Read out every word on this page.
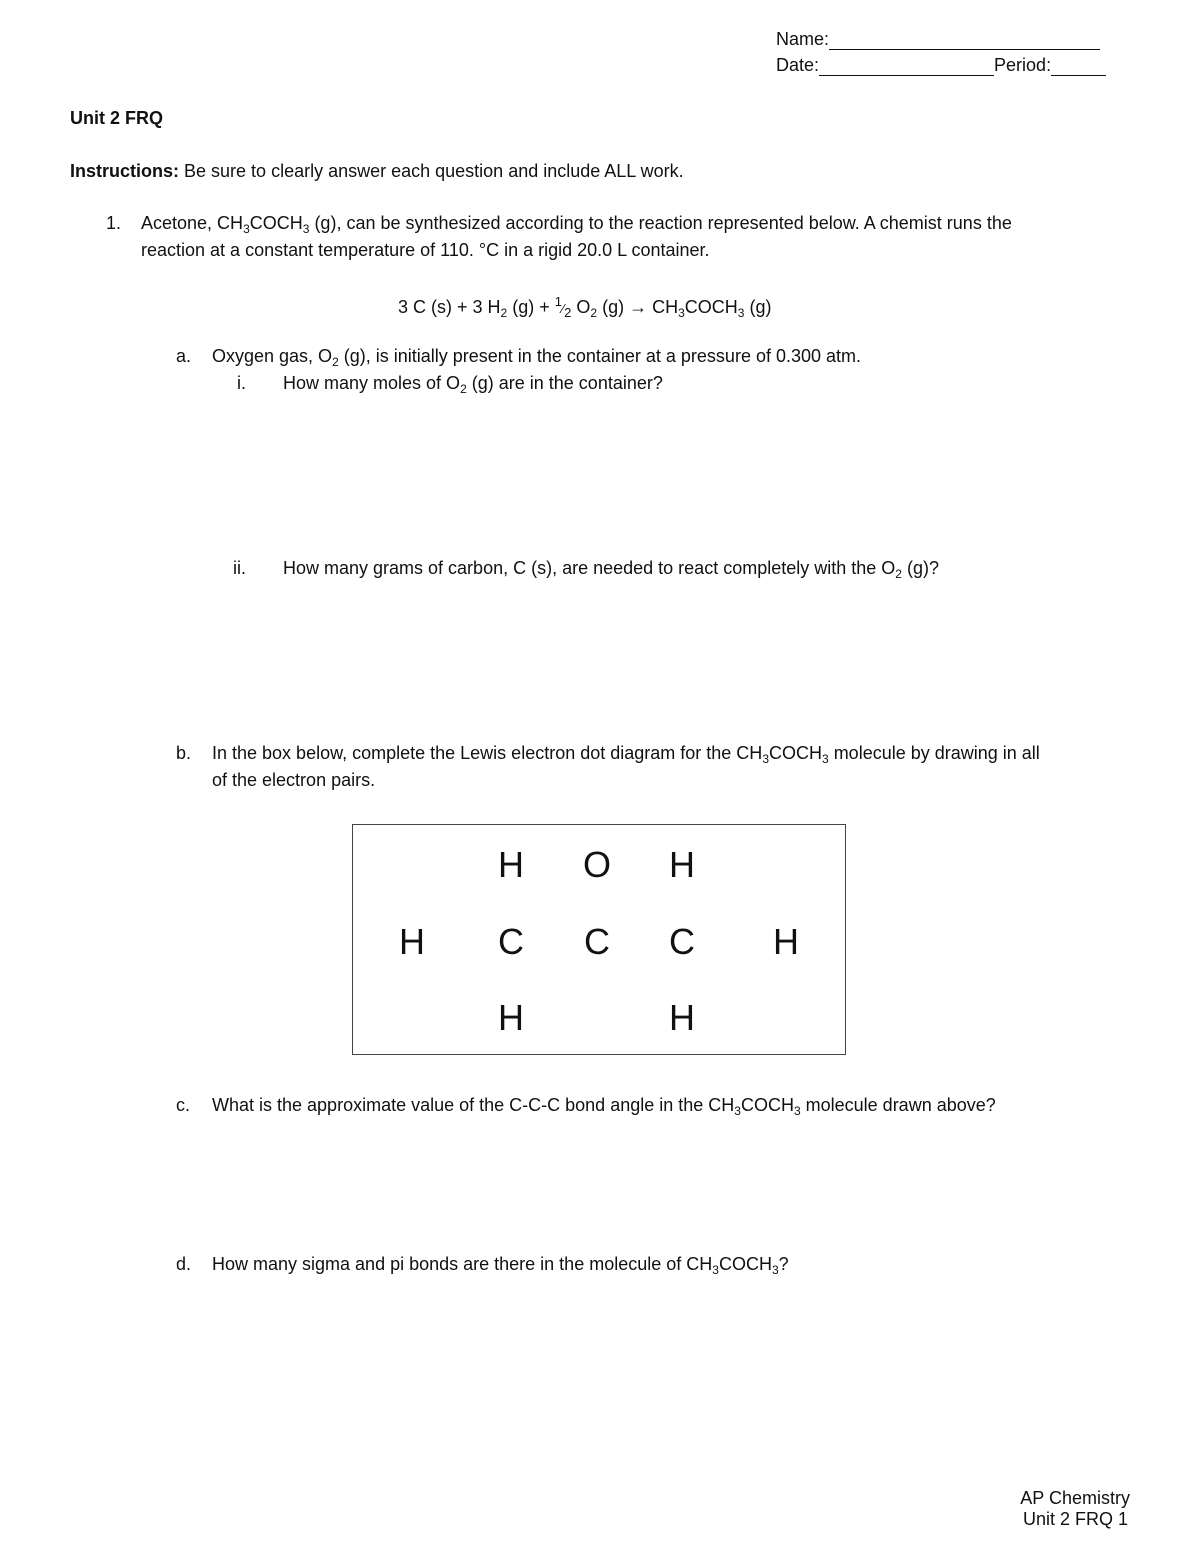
Name:
Date:	Period:
Unit 2 FRQ
Instructions: Be sure to clearly answer each question and include ALL work.
1. Acetone, $CH_3COCH_3$ (g), can be synthesized according to the reaction represented below. A chemist runs the
reaction at a constant temperature of 110. °C in a rigid 20.0 L container.
3 C (s) + 3 $H_2$ $(g) + ^1⁄_2$ $O_2$ $(g) \to CH_3COCH_3$ (g)
a. Oxygen gas, $O_2$ (g), is initially present in the container at a pressure of 0.300 atm.
i. How many moles of $O_2$ (g) are in the container?
ii. How many grams of carbon, C (s), are needed to react completely with the $O_2$ (g)?
b. In the box below, complete the Lewis electron dot diagram for the $CH_3COCH_3$ molecule by drawing in all
of the electron pairs.
H O H
H C C C H
H	H
c. What is the approximate value of the C-C-C bond angle in the $CH_3COCH_3$ molecule drawn above?
d. How many sigma and pi bonds are there in the molecule of $CH_3COCH_3$?
AP Chemistry
Unit 2 FRQ 1
